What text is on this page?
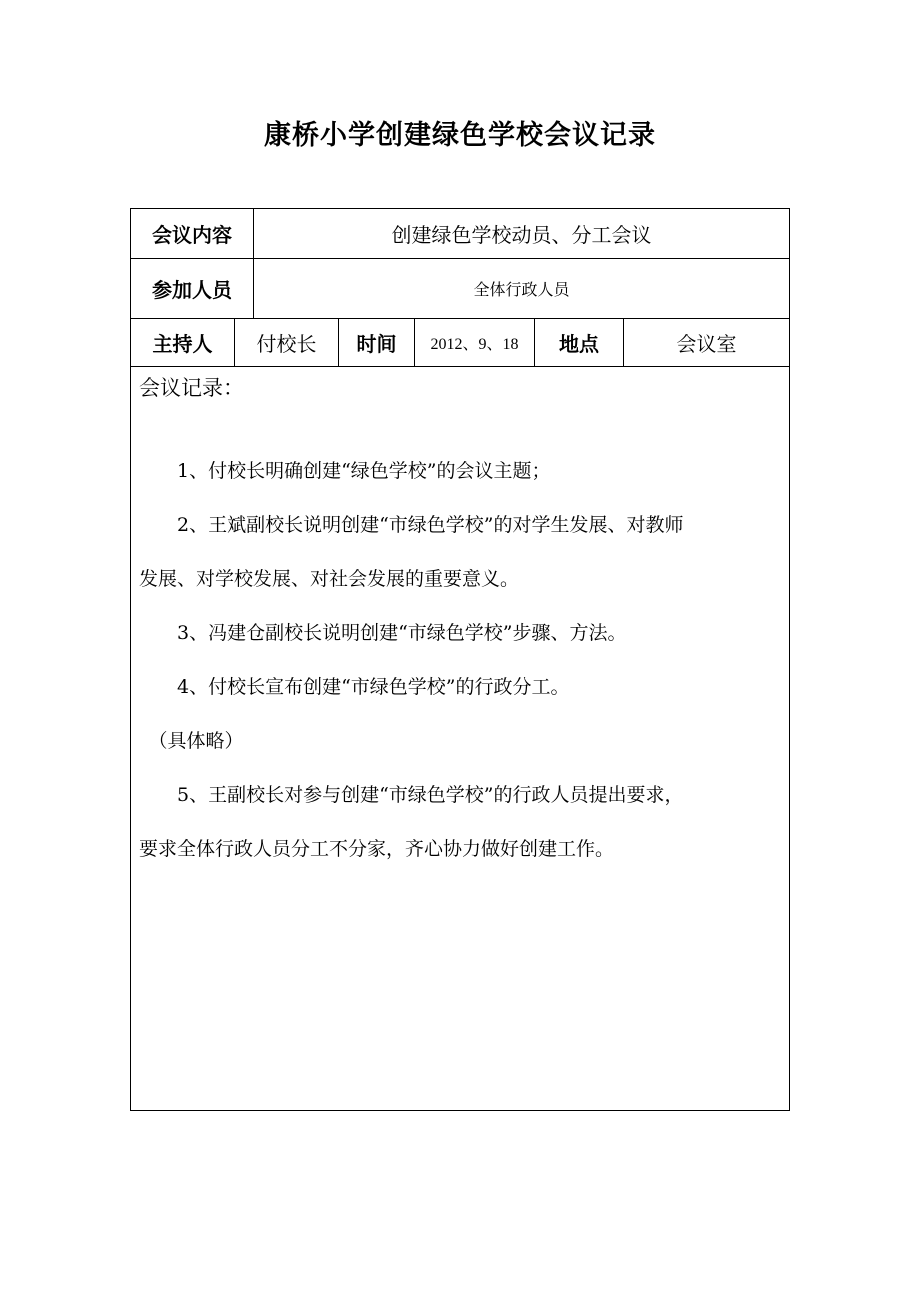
康桥小学创建绿色学校会议记录
会议内容	创建绿色学校动员、分工会议
参加人员	全体行政人员
主持人	付校长	时间	2012、9、18	地点	会议室
会议记录：
　　1、付校长明确创建“绿色学校”的会议主题；
　　2、王斌副校长说明创建“市绿色学校”的对学生发展、对教师
发展、对学校发展、对社会发展的重要意义。
　　3、冯建仓副校长说明创建“市绿色学校”步骤、方法。
　　4、付校长宣布创建“市绿色学校”的行政分工。
　（具体略）
　　5、王副校长对参与创建“市绿色学校”的行政人员提出要求，
要求全体行政人员分工不分家，齐心协力做好创建工作。
